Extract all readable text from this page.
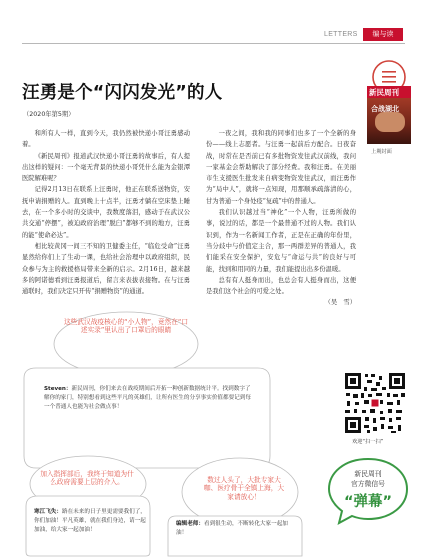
LETTERS	编与读
汪勇是个“闪闪发光”的人
（2020年第5期）
新民周刊
合战湖北
上期封面

和所有人一样，直到今天，我仍然被快递小哥汪勇感动着。

《新民周刊》报道武汉快递小哥汪勇的故事后，有人提出这样的疑问：一个毫无背景的快递小哥凭什么能为金银潭医院解难呢？

记得2月13日在联系上汪勇时，他正在联系送物资，安抚申请捐赠的人。直到晚上十点半，汪勇才躺在空床垫上睡去，在一个多小时的交谈中，我数度落泪，感动于在武汉公共交通“停摆”，被迫政府治理“脱臼”都够不到的地方，汪勇的能“使命必达”。

相比较黄冈一间三不知的卫健委主任，“临危受命”汪勇显然给你们上了生动一课，也给社会治理中以政府组织，民众参与为主的救援格局带来全新的启示。2月16日，越来越多的阿诺德看到汪勇报道后，留言来表拔表接物。在与汪勇通联时，我们决定只开传“捐赠物资”的通道。

一夜之间，我和我的同事们也多了一个全新的身份——线上志愿者。与汪勇一起前后方配合。日夜奋战，时常在是否前已有多批物资发往武汉前线，我问一家基金会帮助解决了部分经费。我和汪勇。在美丽市生支援医生批发来自病变物资发往武汉，而汪勇作为“局中人”，就将一点知现，用那顺承疏落清的心，甘为普通一个身处疫“复疏”中的普通人。

我们认识越过当“神化”一个人物，汪勇所做的事，说过的话，都是一个最普通不过的人物。我们认识到，作为一名新闻工作者，正是在正确的年份里，当分歧中与价值定主合，那一两群差异的普通人，我们能采在安全保护，安危与“命运与共”的良好与可能，找到和用同的力量，我们能提出出多份温暖。

总有有人挺身而出，也总会有人挺身而出，这便是我们这个社会的可爱之处。

（吴　雪）

这些武汉战疫核心的“小人物”，竟然在“口述实录”里认出了口罩后的眼睛
Steven：新民周刊，你们来去在战疫期间后开拓一种创新数据统计平。找到数字了解你的家门，特别想看到这些平凡的英雄们，让所有医生的分享事实价值都要记到每一个普通人也能为社会做点事！
数过人头了，大批专家大咖、医疗骨干全镇上海，大家请放心！
加入指挥部后，我终于知道为什么政府需要上层的介入。
寒江飞失：路在未来的日子里更需要我们了，你们加油！平凡英雄，就在我们身边，请一起加油，给大家一起加油！
编辑老师：看到很生动，不断转化大家一起加油！
欢迎“扫一扫”
新民周刊
官方微信号
“弹幕”
